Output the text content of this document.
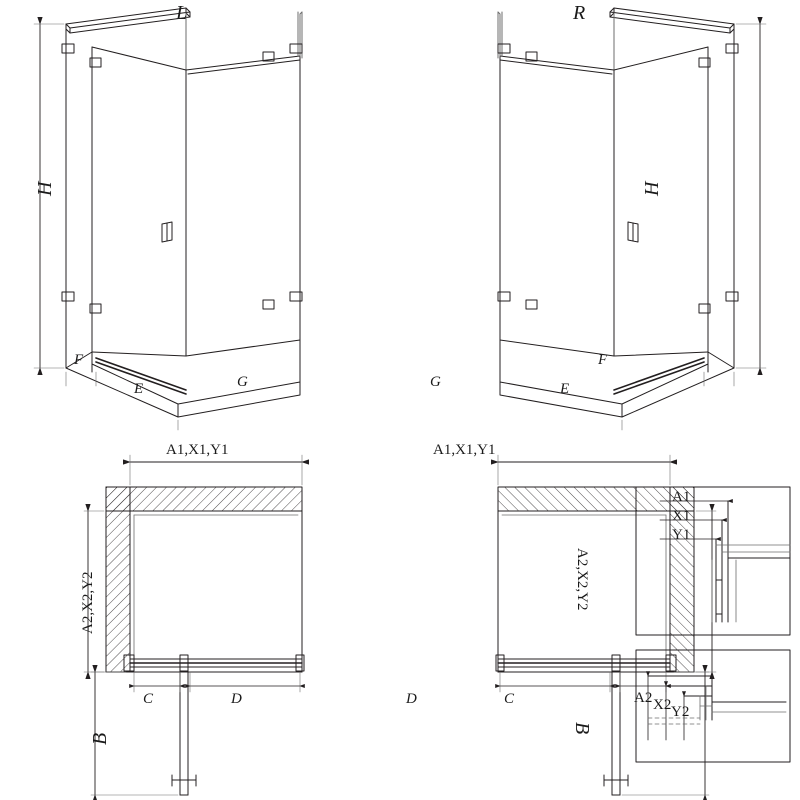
L	R
H	H
F
E	G	G	E
F
A1,X1,Y1	A1,X1,Y1
A2,X2,Y2	A2,X2,Y2
C	D	D	C
B
B
A1
X1
Y1
A2 X2 Y2
